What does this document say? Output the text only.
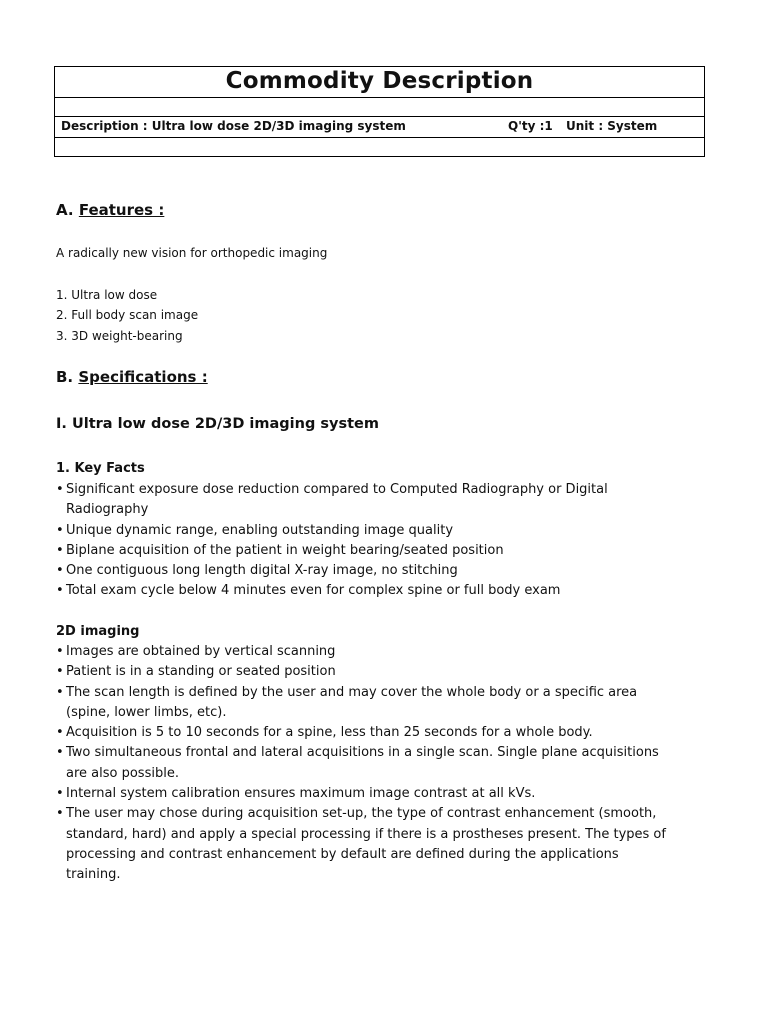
Commodity Description
Description : Ultra low dose 2D/3D imaging system	Q'ty :1 Unit : System
A. Features :
A radically new vision for orthopedic imaging
1. Ultra low dose
2. Full body scan image
3. 3D weight-bearing
B. Specifications :
I. Ultra low dose 2D/3D imaging system
1. Key Facts
• Significant exposure dose reduction compared to Computed Radiography or Digital Radiography
• Unique dynamic range, enabling outstanding image quality
• Biplane acquisition of the patient in weight bearing/seated position
• One contiguous long length digital X-ray image, no stitching
• Total exam cycle below 4 minutes even for complex spine or full body exam
2D imaging
• Images are obtained by vertical scanning
• Patient is in a standing or seated position
• The scan length is defined by the user and may cover the whole body or a specific area (spine, lower limbs, etc).
• Acquisition is 5 to 10 seconds for a spine, less than 25 seconds for a whole body.
• Two simultaneous frontal and lateral acquisitions in a single scan. Single plane acquisitions are also possible.
• Internal system calibration ensures maximum image contrast at all kVs.
• The user may chose during acquisition set-up, the type of contrast enhancement (smooth, standard, hard) and apply a special processing if there is a prostheses present. The types of processing and contrast enhancement by default are defined during the applications training.
